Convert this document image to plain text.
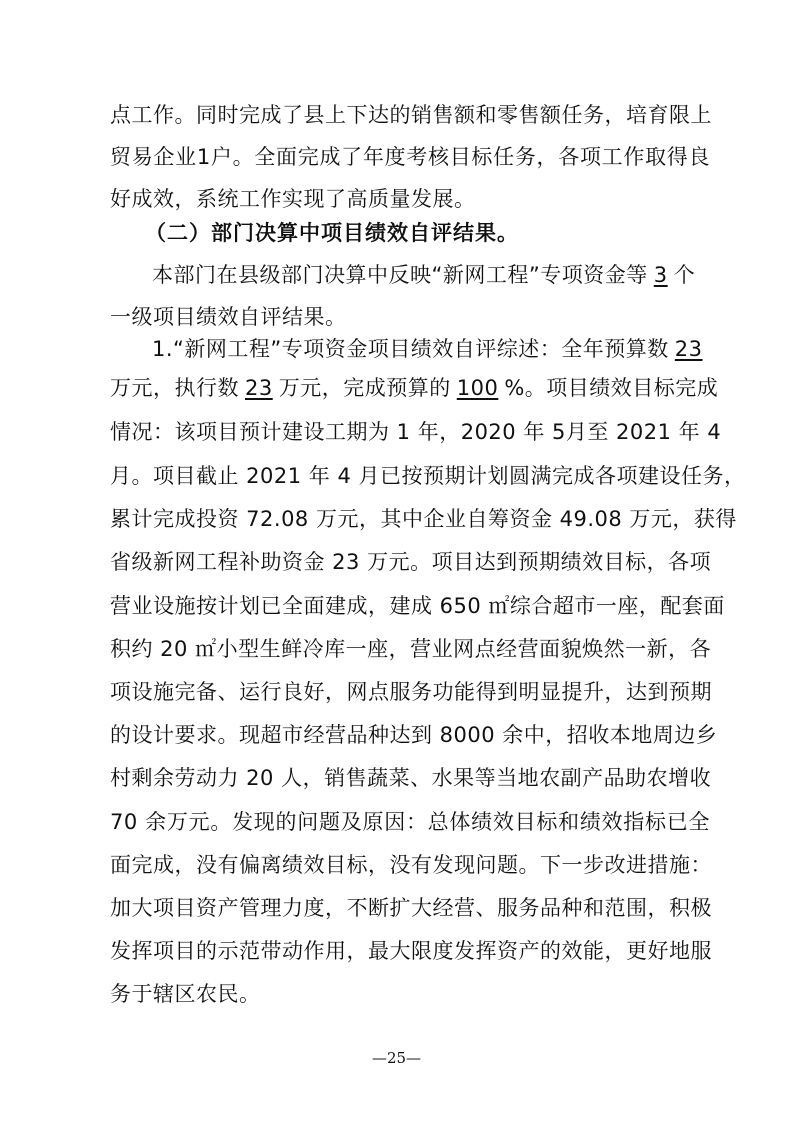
点工作。同时完成了县上下达的销售额和零售额任务，培育限上
贸易企业1户。全面完成了年度考核目标任务，各项工作取得良
好成效，系统工作实现了高质量发展。
（二）部门决算中项目绩效自评结果。
本部门在县级部门决算中反映“新网工程”专项资金等 3 个
一级项目绩效自评结果。
1.“新网工程”专项资金项目绩效自评综述：全年预算数 23
万元，执行数 23 万元，完成预算的 100 %。项目绩效目标完成
情况：该项目预计建设工期为 1 年，2020 年 5月至 2021 年 4
月。项目截止 2021 年 4 月已按预期计划圆满完成各项建设任务，
累计完成投资 72.08 万元，其中企业自筹资金 49.08 万元，获得
省级新网工程补助资金 23 万元。项目达到预期绩效目标，各项
营业设施按计划已全面建成，建成 650 ㎡综合超市一座，配套面
积约 20 ㎡小型生鲜冷库一座，营业网点经营面貌焕然一新，各
项设施完备、运行良好，网点服务功能得到明显提升，达到预期
的设计要求。现超市经营品种达到 8000 余中，招收本地周边乡
村剩余劳动力 20 人，销售蔬菜、水果等当地农副产品助农增收
70 余万元。发现的问题及原因：总体绩效目标和绩效指标已全
面完成，没有偏离绩效目标，没有发现问题。下一步改进措施：
加大项目资产管理力度，不断扩大经营、服务品种和范围，积极
发挥项目的示范带动作用，最大限度发挥资产的效能，更好地服
务于辖区农民。
—25—
